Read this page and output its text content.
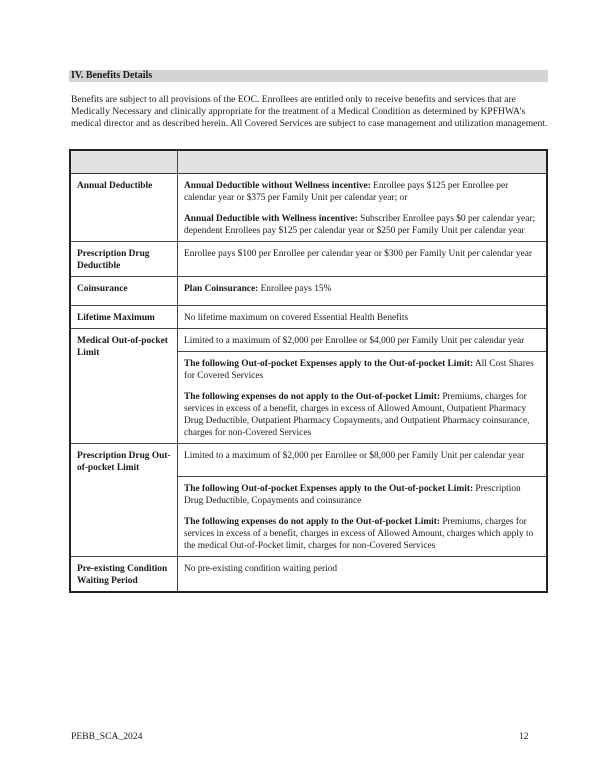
IV. Benefits Details

Benefits are subject to all provisions of the EOC. Enrollees are entitled only to receive benefits and services that are Medically Necessary and clinically appropriate for the treatment of a Medical Condition as determined by KPFHWA’s medical director and as described herein. All Covered Services are subject to case management and utilization management.

Annual Deductible	Annual Deductible without Wellness incentive: Enrollee pays $125 per Enrollee per calendar year or $375 per Family Unit per calendar year; or

Annual Deductible with Wellness incentive: Subscriber Enrollee pays $0 per calendar year; dependent Enrollees pay $125 per calendar year or $250 per Family Unit per calendar year

Prescription Drug Deductible	Enrollee pays $100 per Enrollee per calendar year or $300 per Family Unit per calendar year
Coinsurance	Plan Coinsurance: Enrollee pays 15%
Lifetime Maximum	No lifetime maximum on covered Essential Health Benefits
Medical Out-of-pocket Limit	Limited to a maximum of $2,000 per Enrollee or $4,000 per Family Unit per calendar year

	The following Out-of-pocket Expenses apply to the Out-of-pocket Limit: All Cost Shares for Covered Services

The following expenses do not apply to the Out-of-pocket Limit: Premiums, charges for services in excess of a benefit, charges in excess of Allowed Amount, Outpatient Pharmacy Drug Deductible, Outpatient Pharmacy Copayments, and Outpatient Pharmacy coinsurance, charges for non-Covered Services

Prescription Drug Out-of-pocket Limit	Limited to a maximum of $2,000 per Enrollee or $8,000 per Family Unit per calendar year

	The following Out-of-pocket Expenses apply to the Out-of-pocket Limit: Prescription Drug Deductible, Copayments and coinsurance

The following expenses do not apply to the Out-of-pocket Limit: Premiums, charges for services in excess of a benefit, charges in excess of Allowed Amount, charges which apply to the medical Out-of-Pocket limit, charges for non-Covered Services

Pre-existing Condition Waiting Period	No pre-existing condition waiting period
PEBB_SCA_2024	12
